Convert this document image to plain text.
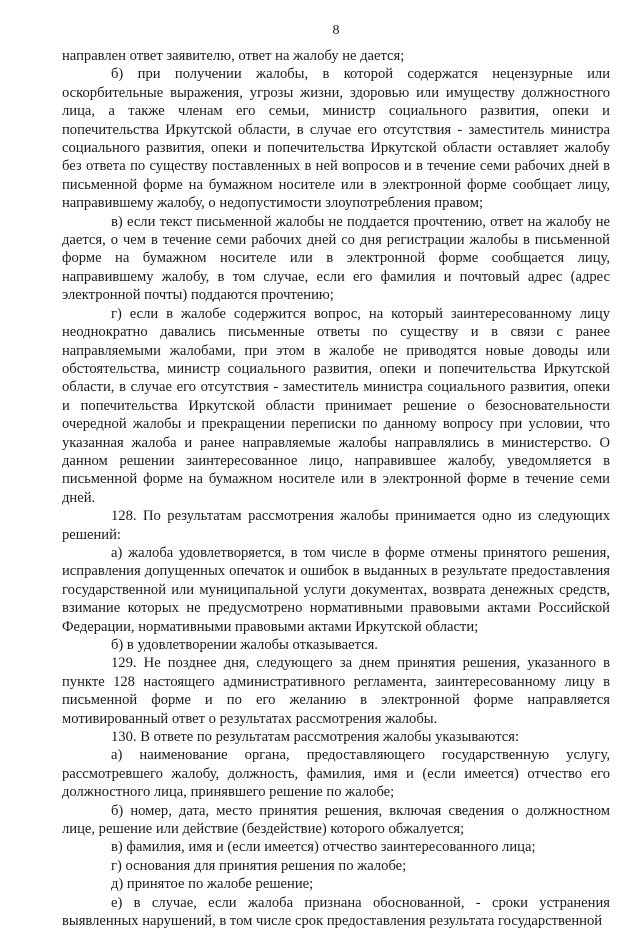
8

направлен ответ заявителю, ответ на жалобу не дается;

б) при получении жалобы, в которой содержатся нецензурные или оскорбительные выражения, угрозы жизни, здоровью или имуществу должностного лица, а также членам его семьи, министр социального развития, опеки и попечительства Иркутской области, в случае его отсутствия - заместитель министра социального развития, опеки и попечительства Иркутской области оставляет жалобу без ответа по существу поставленных в ней вопросов и в течение семи рабочих дней в письменной форме на бумажном носителе или в электронной форме сообщает лицу, направившему жалобу, о недопустимости злоупотребления правом;

в) если текст письменной жалобы не поддается прочтению, ответ на жалобу не дается, о чем в течение семи рабочих дней со дня регистрации жалобы в письменной форме на бумажном носителе или в электронной форме сообщается лицу, направившему жалобу, в том случае, если его фамилия и почтовый адрес (адрес электронной почты) поддаются прочтению;

г) если в жалобе содержится вопрос, на который заинтересованному лицу неоднократно давались письменные ответы по существу и в связи с ранее направляемыми жалобами, при этом в жалобе не приводятся новые доводы или обстоятельства, министр социального развития, опеки и попечительства Иркутской области, в случае его отсутствия - заместитель министра социального развития, опеки и попечительства Иркутской области принимает решение о безосновательности очередной жалобы и прекращении переписки по данному вопросу при условии, что указанная жалоба и ранее направляемые жалобы направлялись в министерство. О данном решении заинтересованное лицо, направившее жалобу, уведомляется в письменной форме на бумажном носителе или в электронной форме в течение семи дней.

128. По результатам рассмотрения жалобы принимается одно из следующих решений:

а) жалоба удовлетворяется, в том числе в форме отмены принятого решения, исправления допущенных опечаток и ошибок в выданных в результате предоставления государственной или муниципальной услуги документах, возврата денежных средств, взимание которых не предусмотрено нормативными правовыми актами Российской Федерации, нормативными правовыми актами Иркутской области;

б) в удовлетворении жалобы отказывается.

129. Не позднее дня, следующего за днем принятия решения, указанного в пункте 128 настоящего административного регламента, заинтересованному лицу в письменной форме и по его желанию в электронной форме направляется мотивированный ответ о результатах рассмотрения жалобы.

130. В ответе по результатам рассмотрения жалобы указываются:

а) наименование органа, предоставляющего государственную услугу, рассмотревшего жалобу, должность, фамилия, имя и (если имеется) отчество его должностного лица, принявшего решение по жалобе;

б) номер, дата, место принятия решения, включая сведения о должностном лице, решение или действие (бездействие) которого обжалуется;

в) фамилия, имя и (если имеется) отчество заинтересованного лица;

г) основания для принятия решения по жалобе;

д) принятое по жалобе решение;

е) в случае, если жалоба признана обоснованной, - сроки устранения выявленных нарушений, в том числе срок предоставления результата государственной
